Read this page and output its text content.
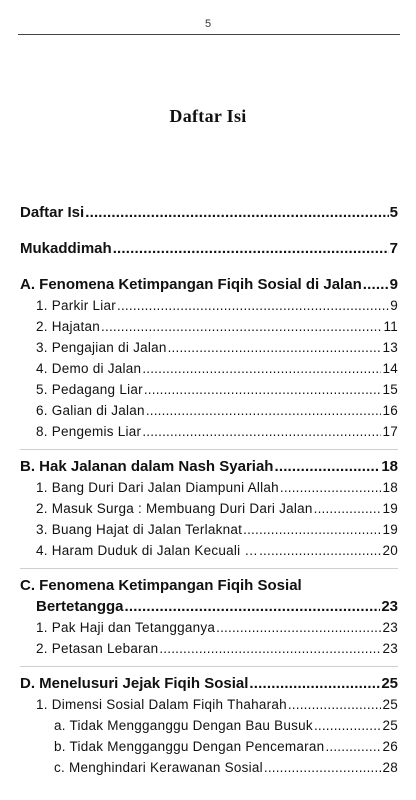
5
Daftar Isi
Daftar Isi .....	5
Mukaddimah .....	7
A. Fenomena Ketimpangan Fiqih Sosial di Jalan ..... 9
1. Parkir Liar .....	9
2. Hajatan .....	11
3. Pengajian di Jalan .....	13
4. Demo di Jalan .....	14
5. Pedagang Liar .....	15
6. Galian di Jalan .....	16
8. Pengemis Liar .....	17
B. Hak Jalanan dalam Nash Syariah .....	18
1. Bang Duri Dari Jalan Diampuni Allah .....	18
2. Masuk Surga : Membuang Duri Dari Jalan .....	19
3. Buang Hajat di Jalan Terlaknat .....	19
4. Haram Duduk di Jalan Kecuali … .....	20
C. Fenomena Ketimpangan Fiqih Sosial
Bertetangga .....	23
1. Pak Haji dan Tetangganya .....	23
2. Petasan Lebaran .....	23
D. Menelusuri Jejak Fiqih Sosial .....	25
1. Dimensi Sosial Dalam Fiqih Thaharah .....	25
a. Tidak Mengganggu Dengan Bau Busuk .....	25
b. Tidak Mengganggu Dengan Pencemaran .....	26
c. Menghindari Kerawanan Sosial .....	28
